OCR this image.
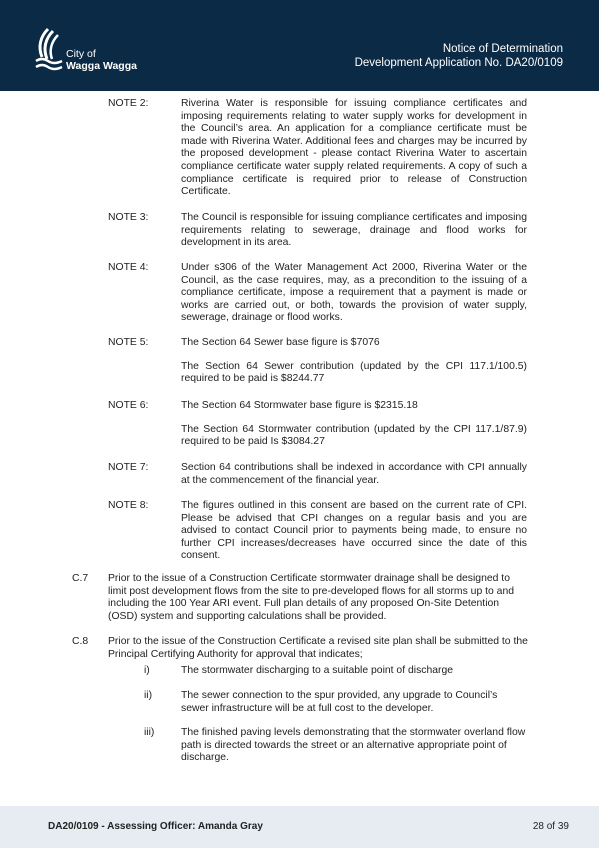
City of
Wagga Wagga
Notice of Determination
Development Application No. DA20/0109
NOTE 2:	Riverina Water is responsible for issuing compliance certificates and imposing requirements relating to water supply works for development in the Council’s area. An application for a compliance certificate must be made with Riverina Water. Additional fees and charges may be incurred by the proposed development - please contact Riverina Water to ascertain compliance certificate water supply related requirements. A copy of such a compliance certificate is required prior to release of Construction Certificate.

NOTE 3:	The Council is responsible for issuing compliance certificates and imposing requirements relating to sewerage, drainage and flood works for development in its area.

NOTE 4:	Under s306 of the Water Management Act 2000, Riverina Water or the Council, as the case requires, may, as a precondition to the issuing of a compliance certificate, impose a requirement that a payment is made or works are carried out, or both, towards the provision of water supply, sewerage, drainage or flood works.

NOTE 5:	The Section 64 Sewer base figure is $7076

The Section 64 Sewer contribution (updated by the CPI 117.1/100.5) required to be paid is $8244.77

NOTE 6:	The Section 64 Stormwater base figure is $2315.18

The Section 64 Stormwater contribution (updated by the CPI 117.1/87.9) required to be paid Is $3084.27

NOTE 7:	Section 64 contributions shall be indexed in accordance with CPI annually at the commencement of the financial year.

NOTE 8:	The figures outlined in this consent are based on the current rate of CPI. Please be advised that CPI changes on a regular basis and you are advised to contact Council prior to payments being made, to ensure no further CPI increases/decreases have occurred since the date of this consent.

C.7 Prior to the issue of a Construction Certificate stormwater drainage shall be designed to limit post development flows from the site to pre-developed flows for all storms up to and including the 100 Year ARI event. Full plan details of any proposed On-Site Detention (OSD) system and supporting calculations shall be provided.
C.8 Prior to the issue of the Construction Certificate a revised site plan shall be submitted to the Principal Certifying Authority for approval that indicates;
i)	The stormwater discharging to a suitable point of discharge
ii)	The sewer connection to the spur provided, any upgrade to Council’s sewer infrastructure will be at full cost to the developer.
iii)	The finished paving levels demonstrating that the stormwater overland flow path is directed towards the street or an alternative appropriate point of discharge.
DA20/0109 - Assessing Officer: Amanda Gray	28 of 39
